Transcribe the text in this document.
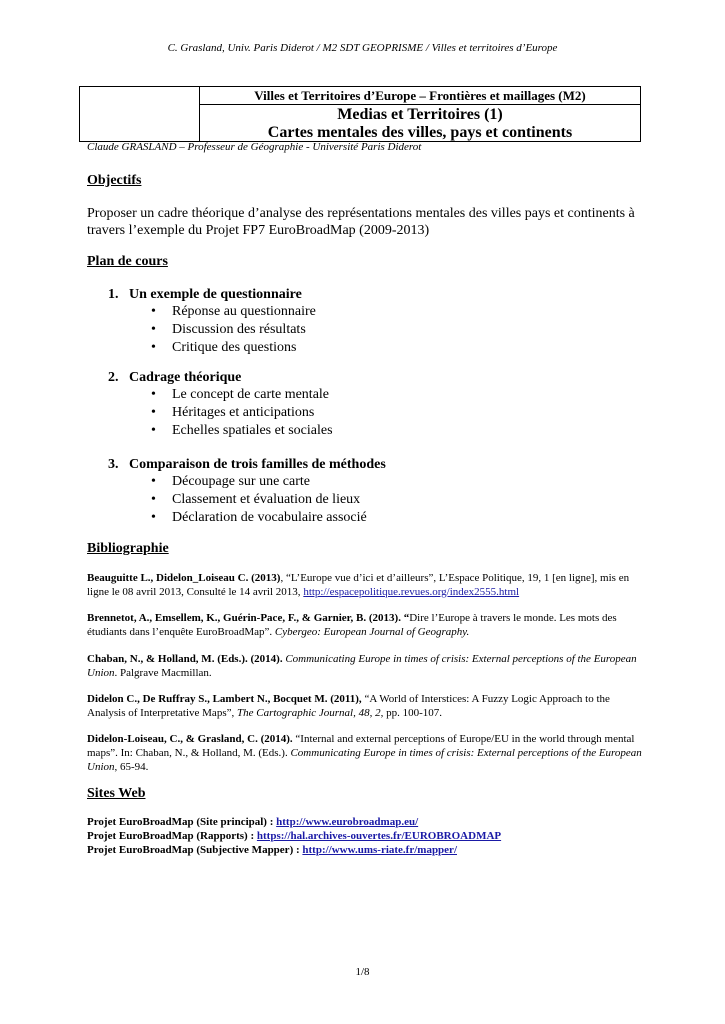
C. Grasland, Univ. Paris Diderot / M2 SDT GEOPRISME / Villes et territoires d’Europe
Villes et Territoires d’Europe – Frontières et maillages (M2)
Medias et Territoires (1)
Cartes mentales des villes, pays et continents
Claude GRASLAND – Professeur de Géographie - Université Paris Diderot
Objectifs
Proposer un cadre théorique d’analyse des représentations mentales des villes pays et continents à travers l’exemple du Projet FP7 EuroBroadMap (2009-2013)
Plan de cours
1. Un exemple de questionnaire
• Réponse au questionnaire
• Discussion des résultats
• Critique des questions
2. Cadrage théorique
• Le concept de carte mentale
• Héritages et anticipations
• Echelles spatiales et sociales
3. Comparaison de trois familles de méthodes
• Découpage sur une carte
• Classement et évaluation de lieux
• Déclaration de vocabulaire associé
Bibliographie
Beauguitte L., Didelon_Loiseau C. (2013), “L’Europe vue d’ici et d’ailleurs”, L’Espace Politique, 19, 1 [en ligne], mis en ligne le 08 avril 2013, Consulté le 14 avril 2013, http://espacepolitique.revues.org/index2555.html
Brennetot, A., Emsellem, K., Guérin-Pace, F., & Garnier, B. (2013). “Dire l’Europe à travers le monde. Les mots des étudiants dans l’enquête EuroBroadMap”. Cybergeo: European Journal of Geography.
Chaban, N., & Holland, M. (Eds.). (2014). Communicating Europe in times of crisis: External perceptions of the European Union. Palgrave Macmillan.
Didelon C., De Ruffray S., Lambert N., Bocquet M. (2011), “A World of Interstices: A Fuzzy Logic Approach to the Analysis of Interpretative Maps”, The Cartographic Journal, 48, 2, pp. 100-107.
Didelon-Loiseau, C., & Grasland, C. (2014). “Internal and external perceptions of Europe/EU in the world through mental maps”. In: Chaban, N., & Holland, M. (Eds.). Communicating Europe in times of crisis: External perceptions of the European Union, 65-94.
Sites Web
Projet EuroBroadMap (Site principal) : http://www.eurobroadmap.eu/
Projet EuroBroadMap (Rapports) : https://hal.archives-ouvertes.fr/EUROBROADMAP
Projet EuroBroadMap (Subjective Mapper) : http://www.ums-riate.fr/mapper/
1/8
